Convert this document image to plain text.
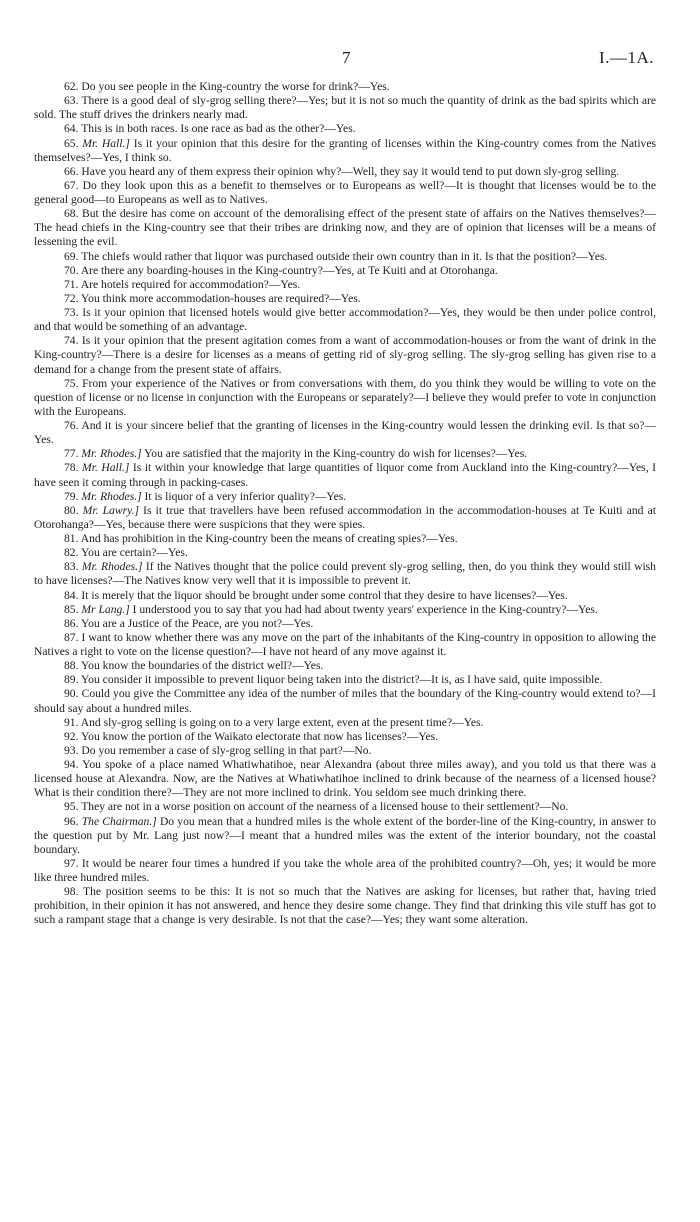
7	I.—1A.

62. Do you see people in the King-country the worse for drink?—Yes.

63. There is a good deal of sly-grog selling there?—Yes; but it is not so much the quantity of drink as the bad spirits which are sold. The stuff drives the drinkers nearly mad.

64. This is in both races. Is one race as bad as the other?—Yes.

65. Mr. Hall.] Is it your opinion that this desire for the granting of licenses within the King-country comes from the Natives themselves?—Yes, I think so.

66. Have you heard any of them express their opinion why?—Well, they say it would tend to put down sly-grog selling.

67. Do they look upon this as a benefit to themselves or to Europeans as well?—It is thought that licenses would be to the general good—to Europeans as well as to Natives.

68. But the desire has come on account of the demoralising effect of the present state of affairs on the Natives themselves?—The head chiefs in the King-country see that their tribes are drinking now, and they are of opinion that licenses will be a means of lessening the evil.

69. The chiefs would rather that liquor was purchased outside their own country than in it. Is that the position?—Yes.

70. Are there any boarding-houses in the King-country?—Yes, at Te Kuiti and at Otorohanga.

71. Are hotels required for accommodation?—Yes.

72. You think more accommodation-houses are required?—Yes.

73. Is it your opinion that licensed hotels would give better accommodation?—Yes, they would be then under police control, and that would be something of an advantage.

74. Is it your opinion that the present agitation comes from a want of accommodation-houses or from the want of drink in the King-country?—There is a desire for licenses as a means of getting rid of sly-grog selling. The sly-grog selling has given rise to a demand for a change from the present state of affairs.

75. From your experience of the Natives or from conversations with them, do you think they would be willing to vote on the question of license or no license in conjunction with the Europeans or separately?—I believe they would prefer to vote in conjunction with the Europeans.

76. And it is your sincere belief that the granting of licenses in the King-country would lessen the drinking evil. Is that so?—Yes.

77. Mr. Rhodes.] You are satisfied that the majority in the King-country do wish for licenses?—Yes.

78. Mr. Hall.] Is it within your knowledge that large quantities of liquor come from Auckland into the King-country?—Yes, I have seen it coming through in packing-cases.

79. Mr. Rhodes.] It is liquor of a very inferior quality?—Yes.

80. Mr. Lawry.] Is it true that travellers have been refused accommodation in the accommodation-houses at Te Kuiti and at Otorohanga?—Yes, because there were suspicions that they were spies.

81. And has prohibition in the King-country been the means of creating spies?—Yes.

82. You are certain?—Yes.

83. Mr. Rhodes.] If the Natives thought that the police could prevent sly-grog selling, then, do you think they would still wish to have licenses?—The Natives know very well that it is impossible to prevent it.

84. It is merely that the liquor should be brought under some control that they desire to have licenses?—Yes.

85. Mr Lang.] I understood you to say that you had had about twenty years' experience in the King-country?—Yes.

86. You are a Justice of the Peace, are you not?—Yes.

87. I want to know whether there was any move on the part of the inhabitants of the King-country in opposition to allowing the Natives a right to vote on the license question?—I have not heard of any move against it.

88. You know the boundaries of the district well?—Yes.

89. You consider it impossible to prevent liquor being taken into the district?—It is, as I have said, quite impossible.

90. Could you give the Committee any idea of the number of miles that the boundary of the King-country would extend to?—I should say about a hundred miles.

91. And sly-grog selling is going on to a very large extent, even at the present time?—Yes.

92. You know the portion of the Waikato electorate that now has licenses?—Yes.

93. Do you remember a case of sly-grog selling in that part?—No.

94. You spoke of a place named Whatiwhatihoe, near Alexandra (about three miles away), and you told us that there was a licensed house at Alexandra. Now, are the Natives at Whatiwhatihoe inclined to drink because of the nearness of a licensed house? What is their condition there?—They are not more inclined to drink. You seldom see much drinking there.

95. They are not in a worse position on account of the nearness of a licensed house to their settlement?—No.

96. The Chairman.] Do you mean that a hundred miles is the whole extent of the border-line of the King-country, in answer to the question put by Mr. Lang just now?—I meant that a hundred miles was the extent of the interior boundary, not the coastal boundary.

97. It would be nearer four times a hundred if you take the whole area of the prohibited country?—Oh, yes; it would be more like three hundred miles.

98. The position seems to be this: It is not so much that the Natives are asking for licenses, but rather that, having tried prohibition, in their opinion it has not answered, and hence they desire some change. They find that drinking this vile stuff has got to such a rampant stage that a change is very desirable. Is not that the case?—Yes; they want some alteration.
